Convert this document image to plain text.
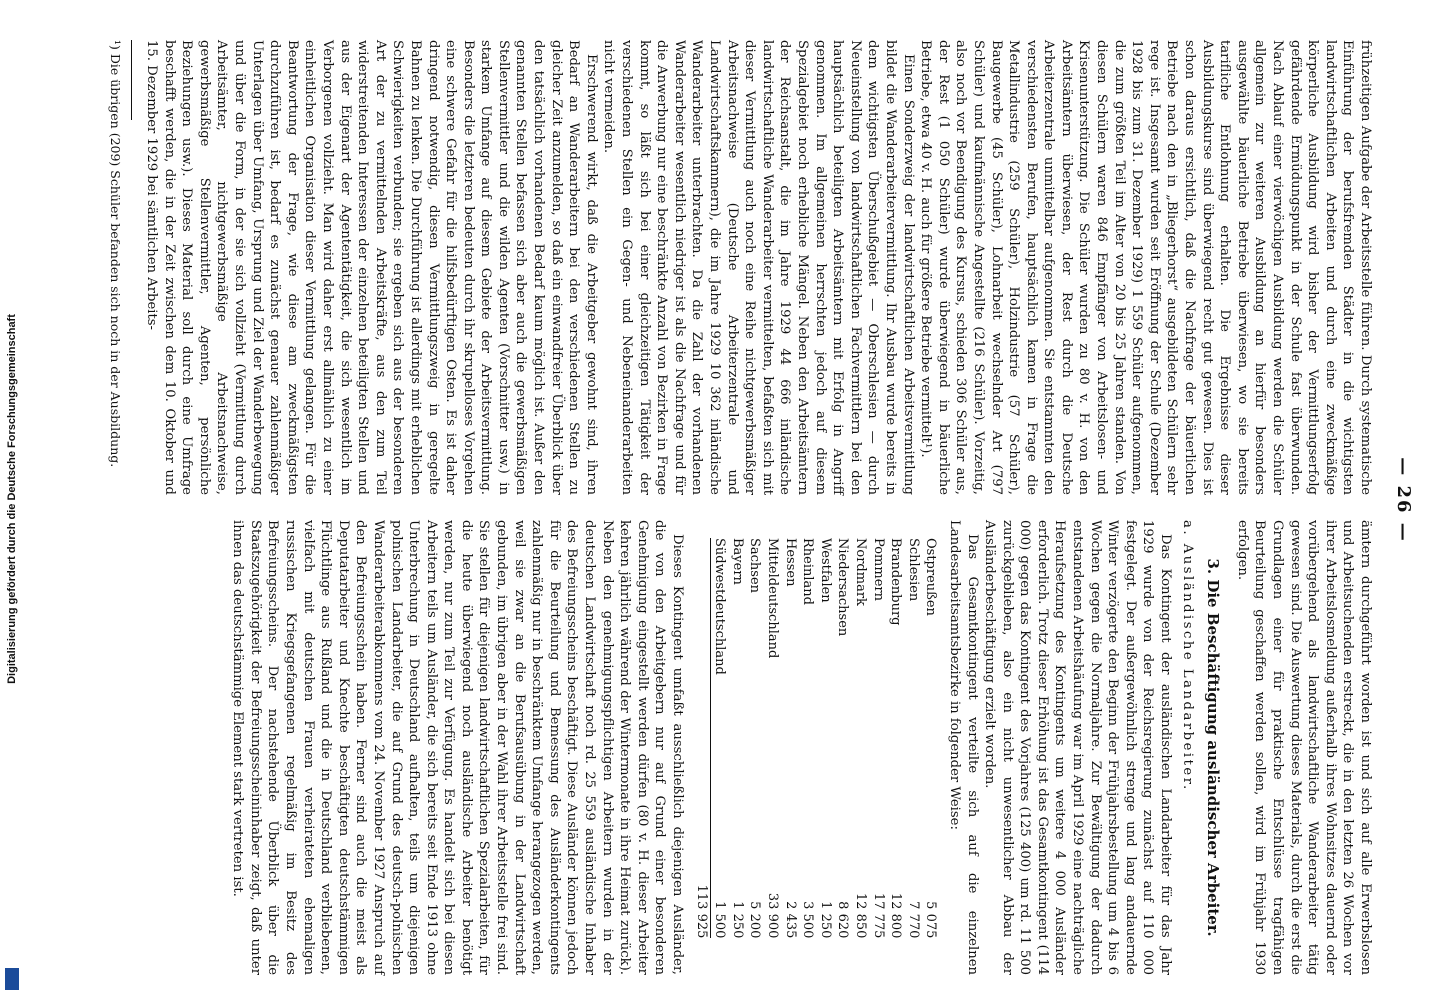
— 26 —

frühzeitigen Aufgabe der Arbeitsstelle führen. Durch systematische Einführung der berufsfremden Städter in die wichtigsten landwirtschaftlichen Arbeiten und durch eine zweckmäßige körperliche Ausbildung wird bisher der Vermittlungserfolg gefährdende Ermüdungspunkt in der Schule fast überwunden. Nach Ablauf einer vierwöchigen Ausbildung werden die Schüler allgemein zur weiteren Ausbildung an hierfür besonders ausgewählte bäuerliche Betriebe überwiesen, wo sie bereits tarifliche Entlohnung erhalten. Die Ergebnisse dieser Ausbildungskurse sind überwiegend recht gut gewesen. Dies ist schon daraus ersichtlich, daß die Nachfrage der bäuerlichen Betriebe nach den in „Bliegerhorst“ ausgebildeten Schülern sehr rege ist. Insgesamt wurden seit Eröffnung der Schule (Dezember 1928 bis zum 31. Dezember 1929) 1 559 Schüler aufgenommen, die zum größten Teil im Alter von 20 bis 25 Jahren standen. Von diesen Schülern waren 846 Empfänger von Arbeitslosen- und Krisenunterstützung. Die Schüler wurden zu 80 v. H. von den Arbeitsämtern überwiesen, der Rest durch die Deutsche Arbeiterzentrale unmittelbar aufgenommen. Sie entstammten den verschiedensten Berufen, hauptsächlich kamen in Frage die Metallindustrie (259 Schüler), Holzindustrie (57 Schüler), Baugewerbe (45 Schüler), Lohnarbeit wechselnder Art (797 Schüler) und kaufmännische Angestellte (216 Schüler). Vorzeitig, also noch vor Beendigung des Kursus, schieden 306 Schüler aus, der Rest (1 050 Schüler) wurde überwiegend in bäuerliche Betriebe, etwa 40 v. H. auch für größere Betriebe vermittelt¹).

Einen Sonderzweig der landwirtschaftlichen Arbeitsvermittlung bildet die Wanderarbeitervermittlung. Ihr Ausbau wurde bereits in dem wichtigsten Überschußgebiet — Oberschlesien — durch Neueinstellung von landwirtschaftlichen Fachvermittlern bei den hauptsächlich beteiligten Arbeitsämtern mit Erfolg in Angriff genommen. Im allgemeinen herrschten jedoch auf diesem Spezialgebiet noch erhebliche Mängel. Neben den Arbeitsämtern der Reichsanstalt, die im Jahre 1929 44 666 inländische landwirtschaftliche Wanderarbeiter vermittelten, befaßten sich mit dieser Vermittlung auch noch eine Reihe nichtgewerbsmäßiger Arbeitsnachweise (Deutsche Arbeiterzentrale und Landwirtschaftskammern), die im Jahre 1929 10 362 inländische Wanderarbeiter unterbrachten. Da die Zahl der vorhandenen Wanderarbeiter wesentlich niedriger ist als die Nachfrage und für die Anwerbung nur eine beschränkte Anzahl von Bezirken in Frage kommt, so läßt sich bei einer gleichzeitigen Tätigkeit der verschiedenen Stellen ein Gegen- und Nebeneinanderarbeiten nicht vermeiden.

Erschwerend wirkt, daß die Arbeitgeber gewohnt sind, ihren Bedarf an Wanderarbeitern bei den verschiedenen Stellen zu gleicher Zeit anzumelden, so daß ein einwandfreier Überblick über den tatsächlich vorhandenen Bedarf kaum möglich ist. Außer den genannten Stellen befassen sich aber auch die gewerbsmäßigen Stellenvermittler und die wilden Agenten (Vorschnitter usw.) in starkem Umfange auf diesem Gebiete der Arbeitsvermittlung. Besonders die letzteren bedeuten durch ihr skrupelloses Vorgehen eine schwere Gefahr für die hilfsbedürftigen Osten. Es ist daher dringend notwendig, diesen Vermittlungszweig in geregelte Bahnen zu lenken. Die Durchführung ist allerdings mit erheblichen Schwierigkeiten verbunden; sie ergeben sich aus der besonderen Art der zu vermittelnden Arbeitskräfte, aus den zum Teil widerstreitenden Interessen der einzelnen beteiligten Stellen und aus der Eigenart der Agententätigkeit, die sich wesentlich im Verborgenen vollzieht. Man wird daher erst allmählich zu einer einheitlichen Organisation dieser Vermittlung gelangen. Für die Beantwortung der Frage, wie diese am zweckmäßigsten durchzuführen ist, bedarf es zunächst genauer zahlenmäßiger Unterlagen über Umfang, Ursprung und Ziel der Wanderbewegung und über die Form, in der sie sich vollzieht (Vermittlung durch Arbeitsämter, nichtgewerbsmäßige Arbeitsnachweise, gewerbsmäßige Stellenvermittler, Agenten, persönliche Beziehungen usw.). Dieses Material soll durch eine Umfrage beschafft werden, die in der Zeit zwischen dem 10. Oktober und 15. Dezember 1929 bei sämtlichen Arbeits-

¹) Die übrigen (209) Schüler befanden sich noch in der Ausbildung.

ämtern durchgeführt worden ist und sich auf alle Erwerbslosen und Arbeitsuchenden erstreckt, die in den letzten 26 Wochen vor ihrer Arbeitslosmeldung außerhalb ihres Wohnsitzes dauernd oder vorübergehend als landwirtschaftliche Wanderarbeiter tätig gewesen sind. Die Auswertung dieses Materials, durch die erst die Grundlagen einer für praktische Entschlüsse tragfähigen Beurteilung geschaffen werden sollen, wird im Frühjahr 1930 erfolgen.

3. Die Beschäftigung ausländischer Arbeiter.
a. Ausländische Landarbeiter.

Das Kontingent der ausländischen Landarbeiter für das Jahr 1929 wurde von der Reichsregierung zunächst auf 110 000 festgelegt. Der außergewöhnlich strenge und lang andauernde Winter verzögerte den Beginn der Frühjahrsbestellung um 4 bis 6 Wochen gegen die Normaljahre. Zur Bewältigung der dadurch entstandenen Arbeitshäufung war im April 1929 eine nachträgliche Heraufsetzung des Kontingents um weitere 4 000 Ausländer erforderlich. Trotz dieser Erhöhung ist das Gesamtkontingent (114 000) gegen das Kontingent des Vorjahres (125 400) um rd. 11 500 zurückgeblieben, also ein nicht unwesentlicher Abbau der Ausländerbeschäftigung erzielt worden.

Das Gesamtkontingent verteilte sich auf die einzelnen Landesarbeitsamtsbezirke in folgender Weise:

Ostpreußen	5 075
Schlesien	7 770
Brandenburg	12 800
Pommern	17 775
Nordmark	12 850
Niedersachsen	8 620
Westfalen	1 250
Rheinland	3 500
Hessen	2 435
Mitteldeutschland	33 900
Sachsen	5 200
Bayern	1 250
Südwestdeutschland	1 500
	113 925

Dieses Kontingent umfaßt ausschließlich diejenigen Ausländer, die von den Arbeitgebern nur auf Grund einer besonderen Genehmigung eingestellt werden dürfen (80 v. H. dieser Arbeiter kehren jährlich während der Wintermonate in ihre Heimat zurück). Neben den genehmigungspflichtigen Arbeitern wurden in der deutschen Landwirtschaft noch rd. 25 559 ausländische Inhaber des Befreiungsscheins beschäftigt. Diese Ausländer können jedoch für die Beurteilung und Bemessung des Ausländerkontingents zahlenmäßig nur in beschränktem Umfange herangezogen werden, weil sie zwar an die Berufsausübung in der Landwirtschaft gebunden, im übrigen aber in der Wahl ihrer Arbeitsstelle frei sind. Sie stellen für diejenigen landwirtschaftlichen Spezialarbeiten, für die heute überwiegend noch ausländische Arbeiter benötigt werden, nur zum Teil zur Verfügung. Es handelt sich bei diesen Arbeitern teils um Ausländer, die sich bereits seit Ende 1913 ohne Unterbrechung in Deutschland aufhalten, teils um diejenigen polnischen Landarbeiter, die auf Grund des deutsch-polnischen Wanderarbeiterabkommens vom 24. November 1927 Anspruch auf den Befreiungsschein haben. Ferner sind auch die meist als Deputatarbeiter und Knechte beschäftigten deutschstämmigen Flüchtlinge aus Rußland und die in Deutschland verbliebenen, vielfach mit deutschen Frauen verheirateten ehemaligen russischen Kriegsgefangenen regelmäßig im Besitz des Befreiungsscheins. Der nachstehende Überblick über die Staatszugehörigkeit der Befreiungsscheininhaber zeigt, daß unter ihnen das deutschstämmige Element stark vertreten ist.

Digitalisierung gefördert durch die Deutsche Forschungsgemeinschaft
